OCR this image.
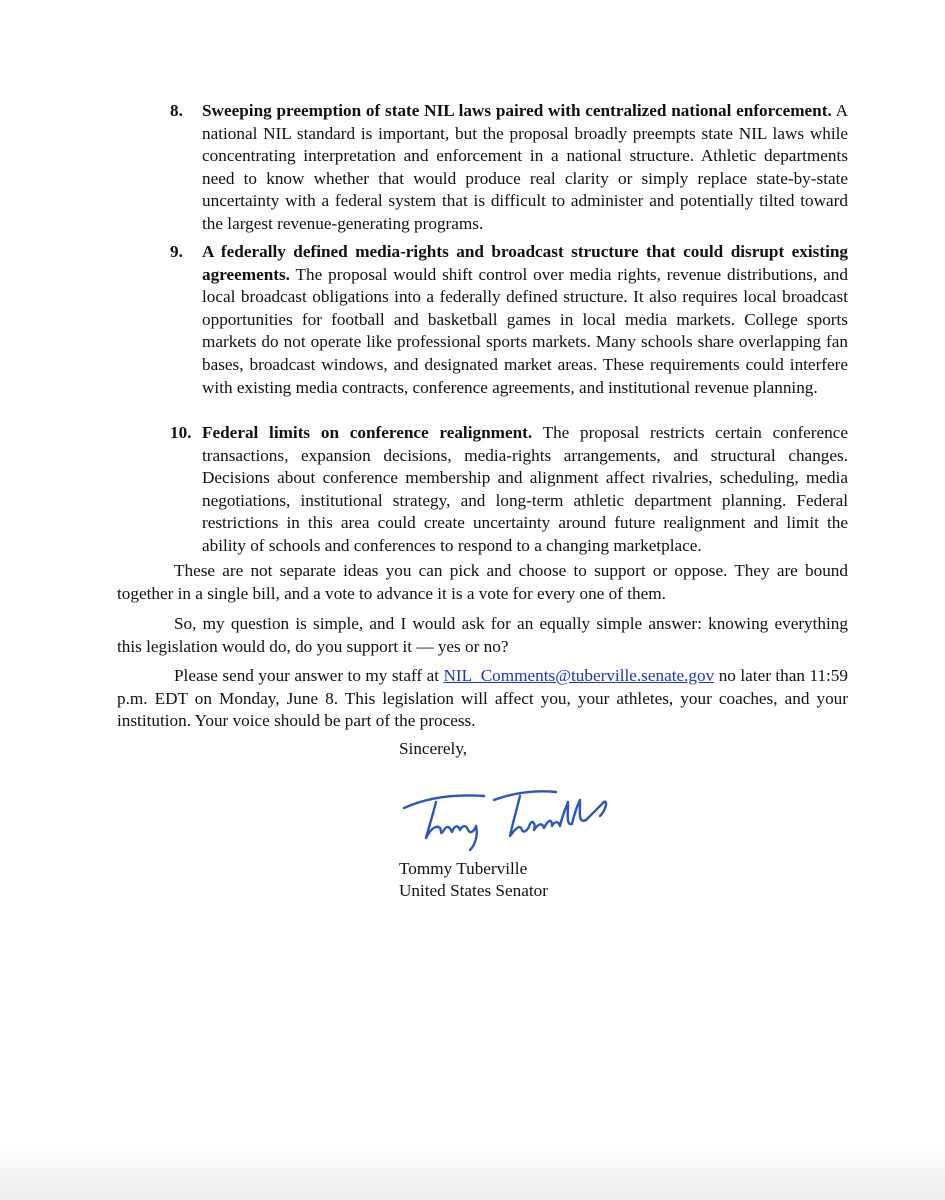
8. Sweeping preemption of state NIL laws paired with centralized national enforcement. A national NIL standard is important, but the proposal broadly preempts state NIL laws while concentrating interpretation and enforcement in a national structure. Athletic departments need to know whether that would produce real clarity or simply replace state-by-state uncertainty with a federal system that is difficult to administer and potentially tilted toward the largest revenue-generating programs.
9. A federally defined media-rights and broadcast structure that could disrupt existing agreements. The proposal would shift control over media rights, revenue distributions, and local broadcast obligations into a federally defined structure. It also requires local broadcast opportunities for football and basketball games in local media markets. College sports markets do not operate like professional sports markets. Many schools share overlapping fan bases, broadcast windows, and designated market areas. These requirements could interfere with existing media contracts, conference agreements, and institutional revenue planning.
10. Federal limits on conference realignment. The proposal restricts certain conference transactions, expansion decisions, media-rights arrangements, and structural changes. Decisions about conference membership and alignment affect rivalries, scheduling, media negotiations, institutional strategy, and long-term athletic department planning. Federal restrictions in this area could create uncertainty around future realignment and limit the ability of schools and conferences to respond to a changing marketplace.

These are not separate ideas you can pick and choose to support or oppose. They are bound together in a single bill, and a vote to advance it is a vote for every one of them.

So, my question is simple, and I would ask for an equally simple answer: knowing everything this legislation would do, do you support it — yes or no?

Please send your answer to my staff at NIL_Comments@tuberville.senate.gov no later than 11:59 p.m. EDT on Monday, June 8. This legislation will affect you, your athletes, your coaches, and your institution. Your voice should be part of the process.

Sincerely,
Tommy Tuberville
United States Senator
